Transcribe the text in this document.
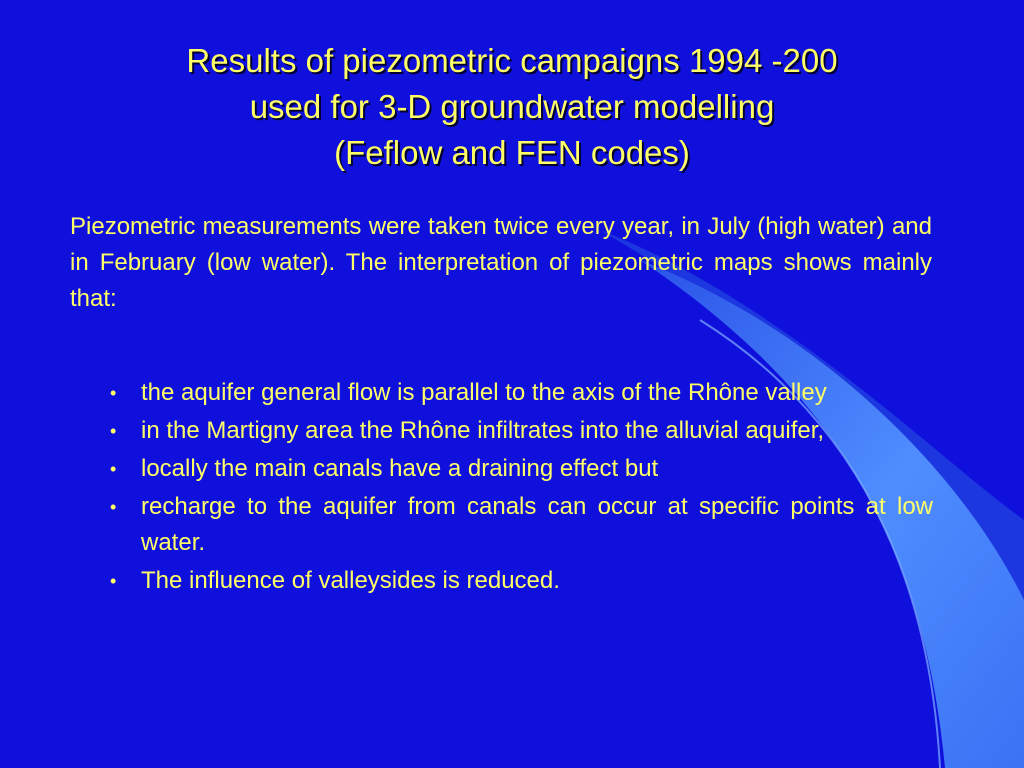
Results of piezometric campaigns 1994 -200
used for 3-D groundwater modelling
(Feflow and FEN codes)
Piezometric measurements were taken twice every year, in July (high water) and in February (low water). The interpretation of piezometric maps shows mainly that:
•	the aquifer general flow is parallel to the axis of the Rhône valley
•	in the Martigny area the Rhône infiltrates into the alluvial aquifer,
•	locally the main canals have a draining effect but
•	recharge to the aquifer from canals can occur at specific points at low water.
•	The influence of valleysides is reduced.
